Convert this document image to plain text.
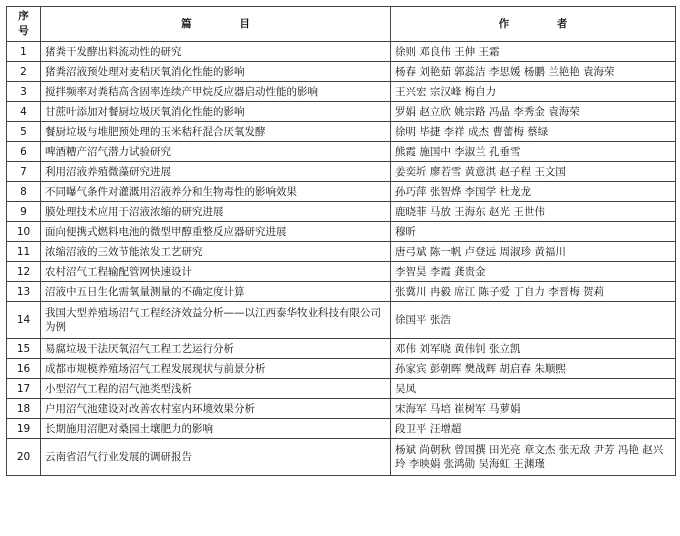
序
号	篇 目	作 者
1	猪粪干发酵出料流动性的研究	徐则 邓良伟 王伸 王霜
2	猪粪沼液预处理对麦秸厌氧消化性能的影响	杨春 刘艳茹 郭蕊洁 李思媛 杨鹏 兰艳艳 袁海荣
3	搅拌频率对粪秸高含固率连续产甲烷反应器启动性能的影响	王兴宏 宗汉峰 梅自力
4	甘蔗叶添加对餐厨垃圾厌氧消化性能的影响	罗娟 赵立欣 姚宗路 冯晶 李秀金 袁海荣
5	餐厨垃圾与堆肥预处理的玉米秸秆混合厌氧发酵	徐明 毕捷 李祥 成杰 曹蕾梅 蔡绿
6	啤酒糟产沼气潜力试验研究	熊霞 施国中 李淑兰 孔垂雪
7	利用沼液养殖微藻研究进展	姜奕圻 廖若雪 黄意淇 赵子程 王文国
8	不同曝气条件对灌溉用沼液养分和生物毒性的影响效果	孙巧萍 张智烨 李国学 杜龙龙
9	膜处理技术应用于沼液浓缩的研究进展	鹿晓菲 马放 王海东 赵光 王世伟
10	面向便携式燃料电池的微型甲醇重整反应器研究进展	穆昕
11	浓缩沼液的三效节能浓发工艺研究	唐弓斌 陈一帆 卢登远 周淑珍 黄福川
12	农村沼气工程输配管网快速设计	李智昊 李霞 龚贵金
13	沼液中五日生化需氧量测量的不确定度计算	张冀川 冉毅 席江 陈子爱 丁自力 李晋梅 贺莉
14	我国大型养殖场沼气工程经济效益分析——以江西泰华牧业科技有限公司为例	徐国平 张浩
15	易腐垃圾干法厌氧沼气工程工艺运行分析	邓伟 刘军晓 黄伟钊 张立凯
16	成都市规模养殖场沼气工程发展现状与前景分析	孙家宾 彭朝晖 樊战辉 胡启春 朱顺熙
17	小型沼气工程的沼气池类型浅析	吴凤
18	户用沼气池建设对改善农村室内环境效果分析	宋海军 马培 崔树军 马萝娟
19	长期施用沼肥对桑园土壤肥力的影响	段卫平 汪增超
20	云南省沼气行业发展的调研报告	杨斌 尚朝秋 曾国撰 田光亮 章文杰 张无敌 尹芳 冯艳 赵兴玲 李映娟 张鸿勋 吴海虹 王渊瑾
